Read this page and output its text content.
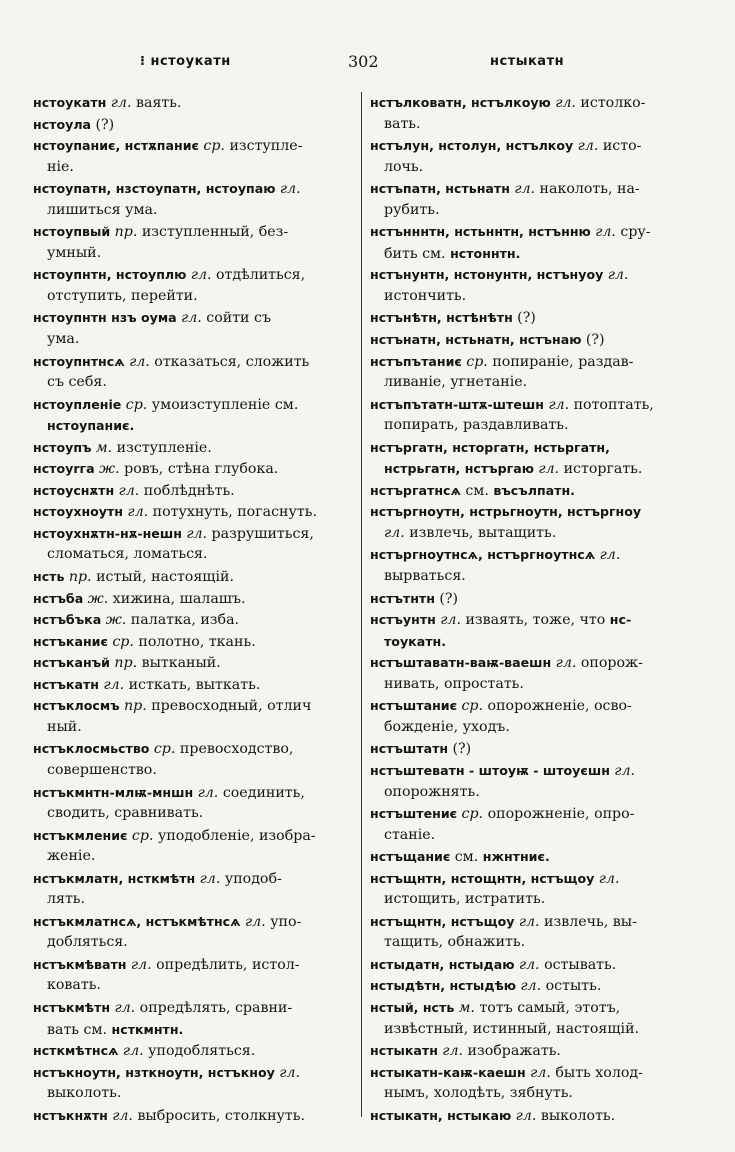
⁝ нстоукатн	302	нстыкатн
нстоукатн гл. ваять.
нстоула (?)
нстоупаниє, нстѫпаниє ср. изступле-
ніе.
нстоупатн, нзстоупатн, нстоупаю гл.
лишиться ума.
нстоупвый пр. изступленный, без-
умный.
нстоупнтн, нстоуплю гл. отдѣлиться,
отступить, перейти.
нстоупнтн нзъ оума гл. сойти съ
ума.
нстоупнтнсѧ гл. отказаться, сложить
съ себя.
нстоупленіе ср. умоизступленіе см.
нстоупаниє.
нстоупъ м. изступленіе.
нстоуrга ж. ровъ, стѣна глубока.
нстоуснѫтн гл. поблѣднѣть.
нстоухноутн гл. потухнуть, погаснуть.
нстоухнѫтн-нѫ-нешн гл. разрушиться,
сломаться, ломаться.
нсть пр. истый, настоящій.
нстъба ж. хижина, шалашъ.
нстъбъка ж. палатка, изба.
нстъканиє ср. полотно, ткань.
нстъканъй пр. вытканый.
нстъкатн гл. исткать, выткать.
нстъклосмъ пр. превосходный, отлич
ный.
нстъклосмьство ср. превосходство,
совершенство.
нстъкмнтн-млѭ-мншн гл. соединить,
сводить, сравнивать.
нстъкмлениє ср. уподобленіе, изобра-
женіе.
нстъкмлатн, нсткмѣтн гл. уподоб-
лять.
нстъкмлатнсѧ, нстъкмѣтнсѧ гл. упо-
добляться.
нстъкмѣватн гл. опредѣлить, истол-
ковать.
нстъкмѣтн гл. опредѣлять, сравни-
вать см. нсткмнтн.
нсткмѣтнсѧ гл. уподобляться.
нстъкноутн, нзткноутн, нстъкноу гл.
выколоть.
нстъкнѫтн гл. выбросить, столкнуть.
нстълковатн, нстълкоую гл. истолко-
вать.
нстълун, нстолун, нстълкоу гл. исто-
лочь.
нстъпатн, нстьнатн гл. наколоть, на-
рубить.
нстънннтн, нстьннтн, нстънню гл. сру-
бить см. нстоннтн.
нстънунтн, нстонунтн, нстънуоу гл.
истончить.
нстънѣтн, нстѣнѣтн (?)
нстънатн, нстьнатн, нстънаю (?)
нстъпътаниє ср. попираніе, раздав-
ливаніе, угнетаніе.
нстъпътатн-штѫ-штешн гл. потоптать,
попирать, раздавливать.
нстъргатн, нсторгатн, нстьргатн,
нстрьгатн, нстъргаю гл. исторгать.
нстъргатнсѧ см. въсълпатн.
нстъргноутн, нстрьгноутн, нстъргноу
гл. извлечь, вытащить.
нстъргноутнсѧ, нстъргноутнсѧ гл.
вырваться.
нстътнтн (?)
нстъунтн гл. изваять, тоже, что нс-
тоукатн.
нстъштаватн-ваѭ-ваешн гл. опорож-
нивать, опростать.
нстъштаниє ср. опорожненіе, осво-
божденіе, уходъ.
нстъштатн (?)
нстъштеватн - штоуѭ - штоуєшн гл.
опорожнять.
нстъштениє ср. опорожненіе, опро-
станіе.
нстъщаниє см. нжнтниє.
нстъщнтн, нстощнтн, нстъщоу гл.
истощить, истратить.
нстъщнтн, нстъщоу гл. извлечь, вы-
тащить, обнажить.
нстыдатн, нстыдаю гл. остывать.
нстыдѣтн, нстыдѣю гл. остыть.
нстый, нсть м. тотъ самый, этотъ,
извѣстный, истинный, настоящій.
нстыкатн гл. изображать.
нстыкатн-каѭ-каешн гл. быть холод-
нымъ, холодѣть, зябнуть.
нстыкатн, нстыкаю гл. выколоть.
